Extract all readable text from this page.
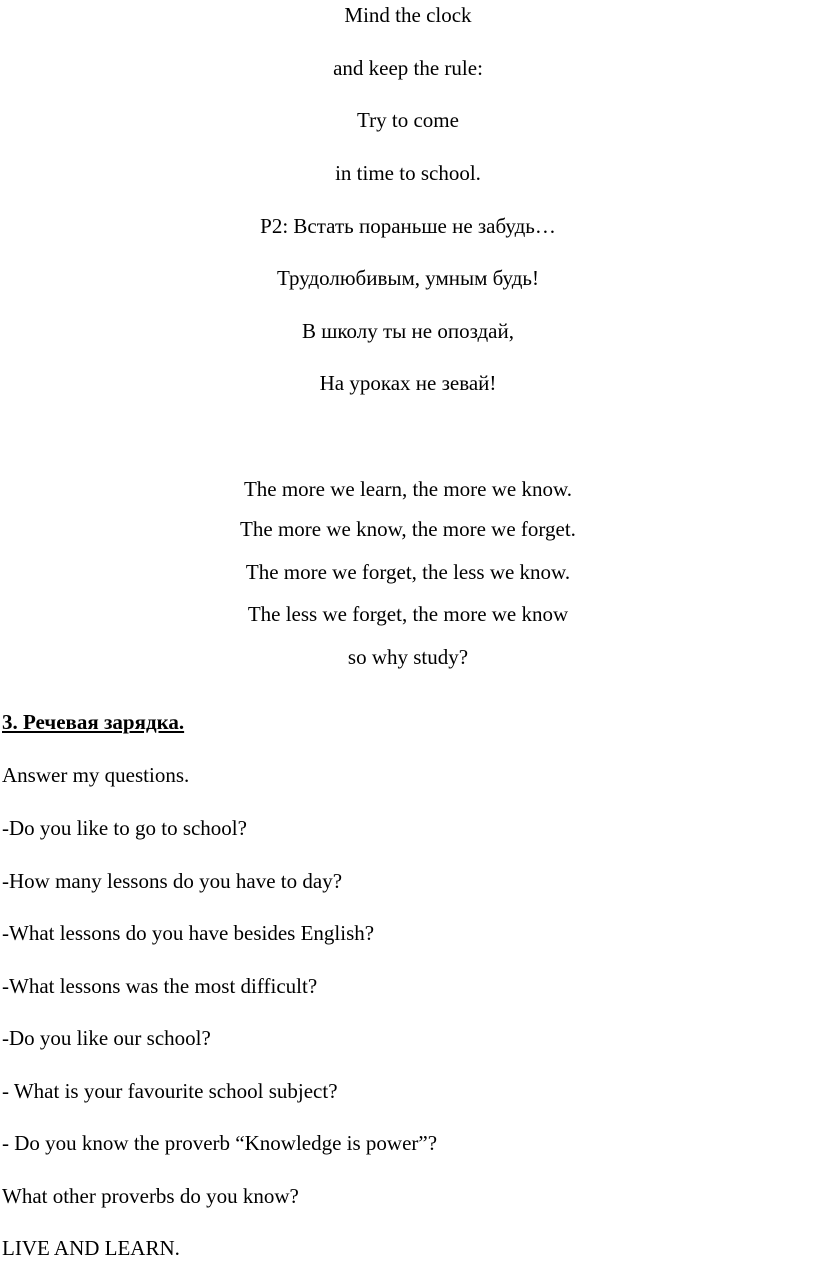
Mind the clock
and keep the rule:
Try to come
in time to school.
P2: Встать пораньше не забудь…
Трудолюбивым, умным будь!
В школу ты не опоздай,
На уроках не зевай!
The more we learn, the more we know.
The more we know, the more we forget.
The more we forget, the less we know.
The less we forget, the more we know
so why study?
3. Речевая зарядка.
Answer my questions.
-Do you like to go to school?
-How many lessons do you have to day?
-What lessons do you have besides English?
-What lessons was the most difficult?
-Do you like our school?
- What is your favourite school subject?
- Do you know the proverb “Knowledge is power”?
What other proverbs do you know?
LIVE AND LEARN.
